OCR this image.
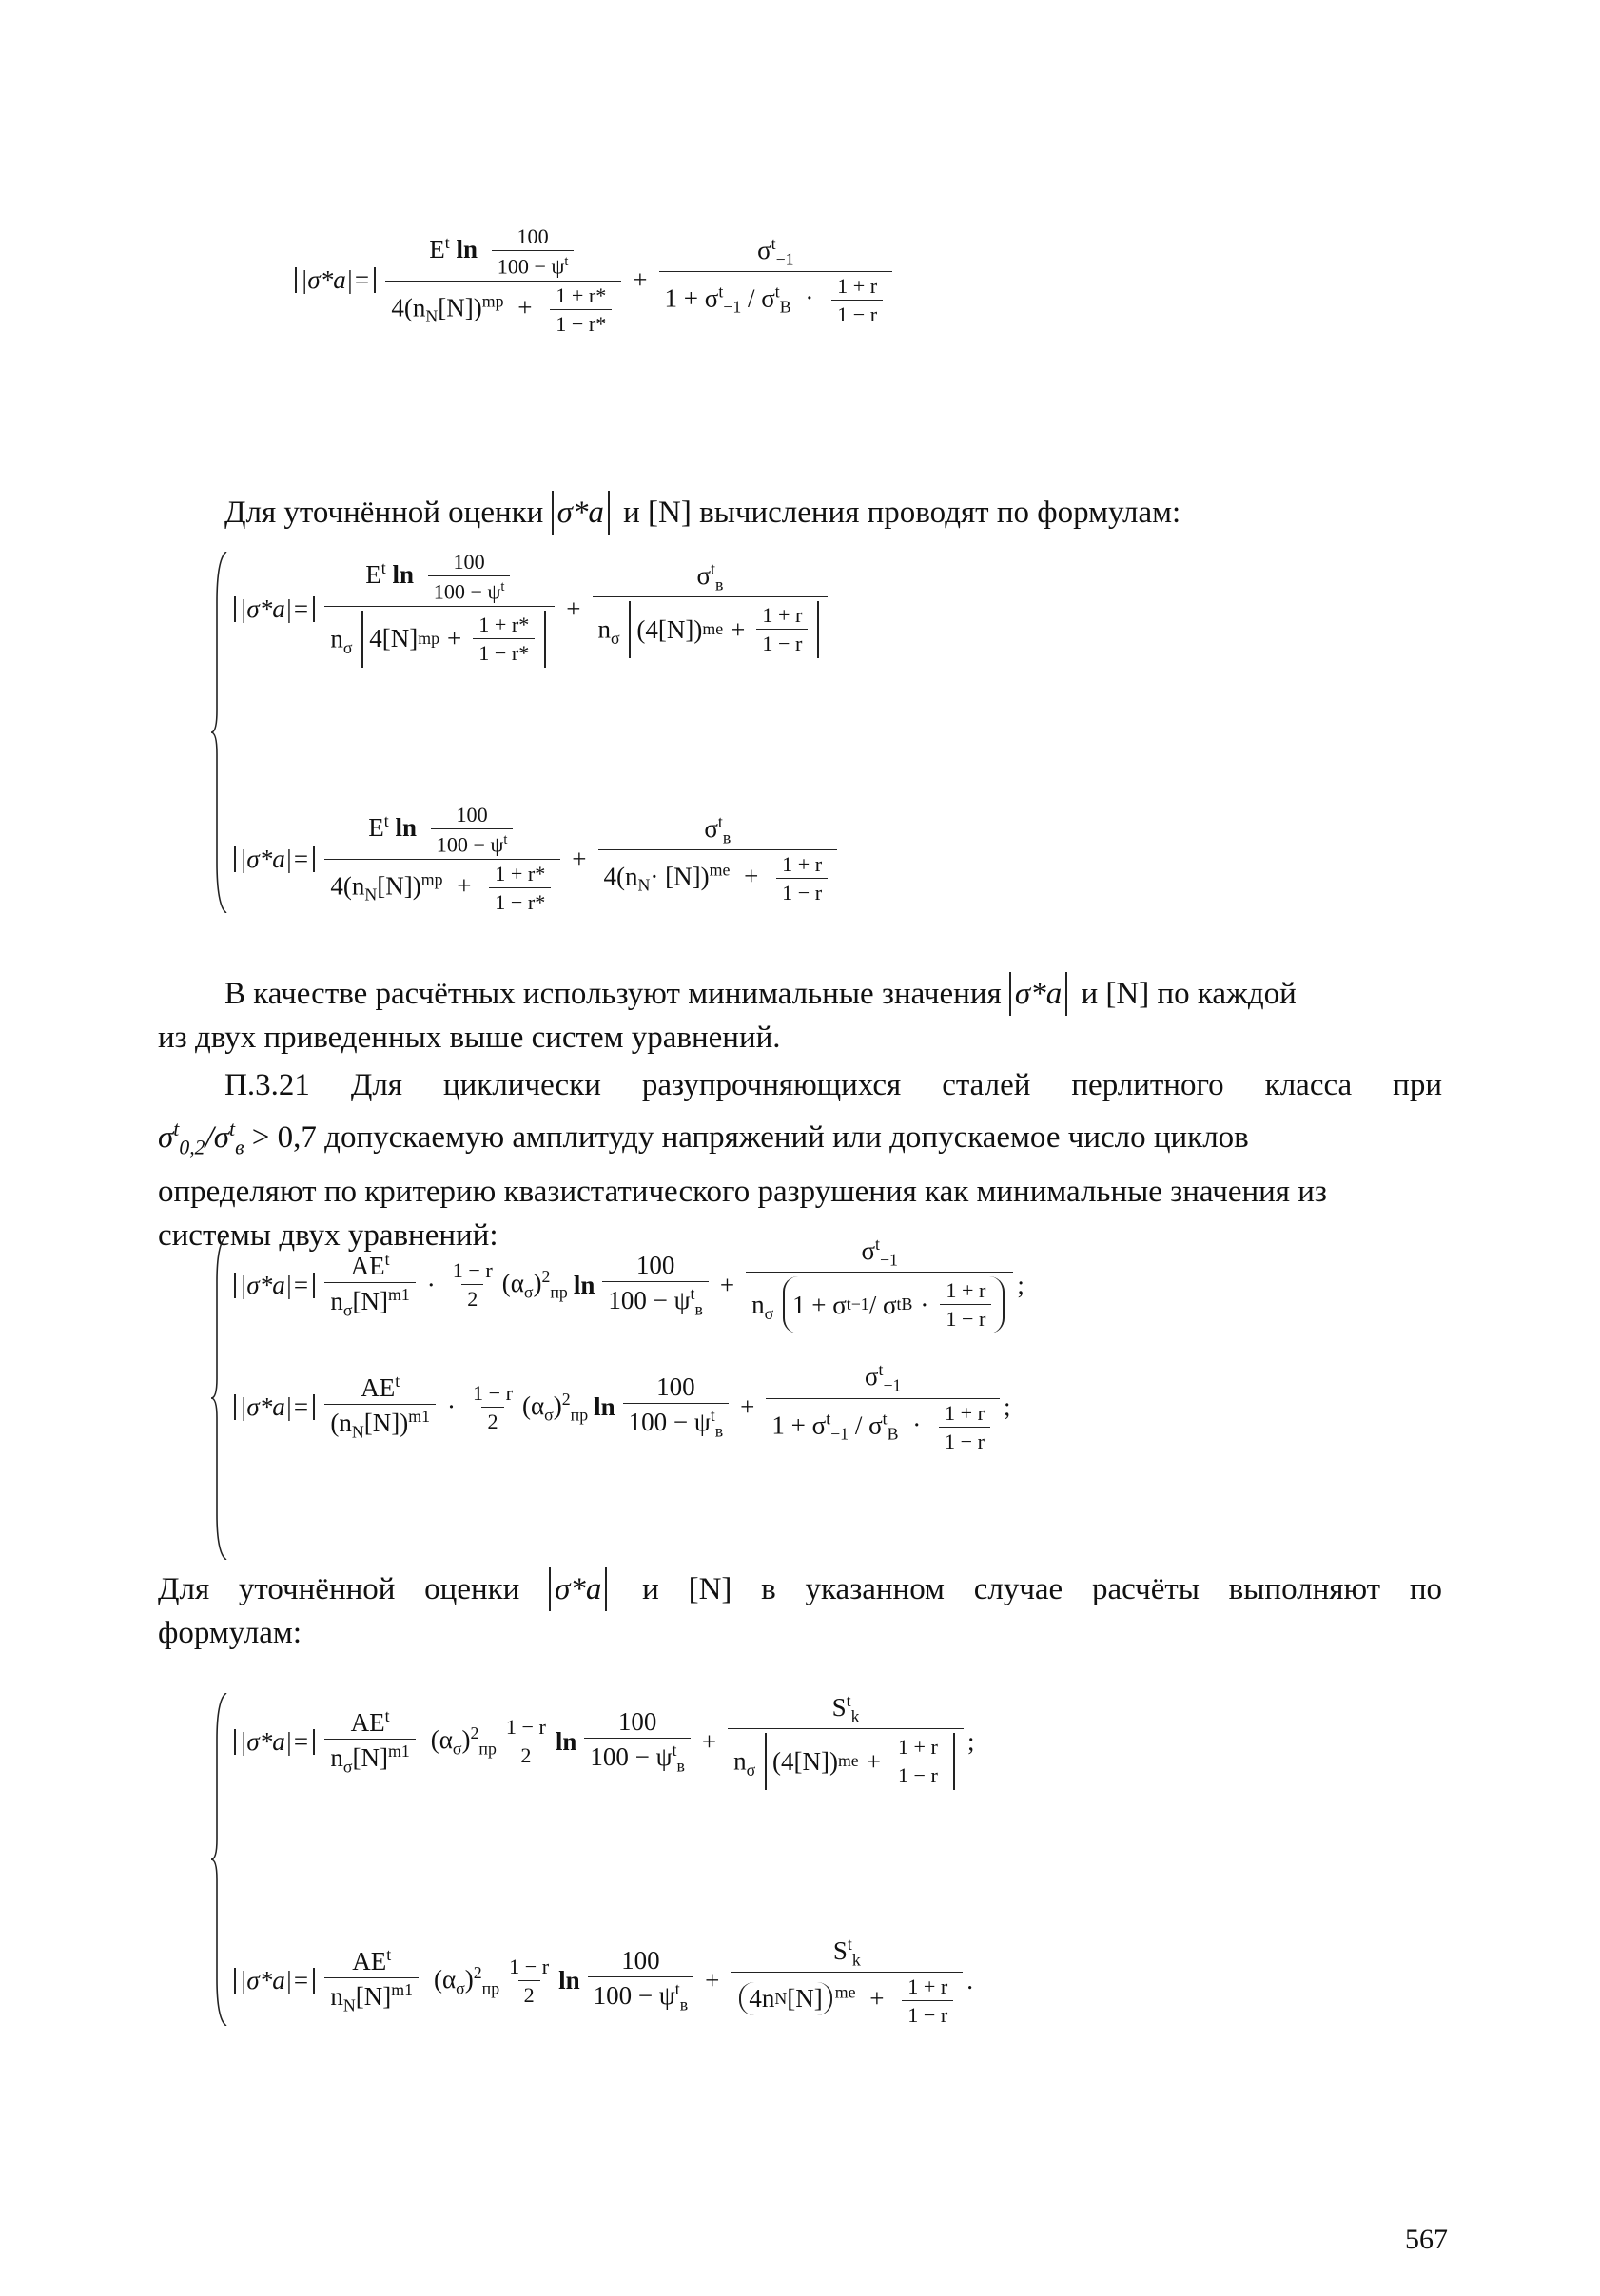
|σ*a|=
$E^t$ $\ln \frac{100}{100 - \psi^t}$
$4(n_N[N])^{mp} + \frac{1 + r*}{1 - r*}$
+
$\sigma^t_{-1}$
$1 + \sigma^t_{-1} / \sigma^t_B \cdot \frac{1 + r}{1 - r}$
Для уточнённой оценки σ*a и [N] вычисления проводят по формулам:
|σ*a|=
$E^t$ $\ln \frac{100}{100 - \psi^t}$
$n_\sigma$ 4[N] mp + $\frac{1 + r*}{1 - r*}$
+
$\sigma^t_в$
$n_\sigma$ (4[N]) me + $\frac{1 + r}{1 - r}$
|σ*a|=
$E^t$ $\ln \frac{100}{100 - \psi^t}$
$4(n_N[N])^{mp} + \frac{1 + r*}{1 - r*}$
+
$\sigma^t_в$
$4(n_N\cdot [N])^{me} + \frac{1 + r}{1 - r}$
В качестве расчётных используют минимальные значения σ*a и [N] по каждой
из двух приведенных выше систем уравнений.
П.3.21 Для циклически разупрочняющихся сталей перлитного класса при
$\sigma^t_{0,2}/\sigma^t_в > 0,7$ допускаемую амплитуду напряжений или допускаемое число циклов
определяют по критерию квазистатического разрушения как минимальные значения из
системы двух уравнений:
$|\sigma*a|= \frac{AE^t}{n_\sigma[N]^{m1}} \cdot \frac{1 - r}{2} (\alpha_\sigma)^2_{пр}$ $\ln \frac{100}{100 - \psi^t_в}$ +
$\sigma^t_{-1}$
$n_\sigma$ 1 + σ t −1 / σ t $B \cdot \frac{1 + r}{1 - r}$ ;
$|\sigma*a|= \frac{AE^t}{(n_N[N])^{m1}} \cdot \frac{1 - r}{2} (\alpha_\sigma)^2_{пр}$ $\ln \frac{100}{100 - \psi^t_в}$ +
$\sigma^t_{-1}$
$1 + \sigma^t_{-1} / \sigma^t_B \cdot \frac{1 + r}{1 - r}$ ;
Для уточнённой оценки σ*a и [N] в указанном случае расчёты выполняют по
формулам:
$|\sigma*a|= \frac{AE^t}{n_\sigma[N]^{m1}} (\alpha_\sigma)^2_{пр} \frac{1 - r}{2}$ $\ln \frac{100}{100 - \psi^t_в}$ +
$S^t_k$
$n_\sigma$ (4[N]) me + $\frac{1 + r}{1 - r}$ ;
$|\sigma*a|= \frac{AE^t}{n_N[N]^{m1}} (\alpha_\sigma)^2_{пр} \frac{1 - r}{2}$ $\ln \frac{100}{100 - \psi^t_в}$ +
$S^t_k$
4n N [N] $^{me} + \frac{1 + r}{1 - r}$ .
567
